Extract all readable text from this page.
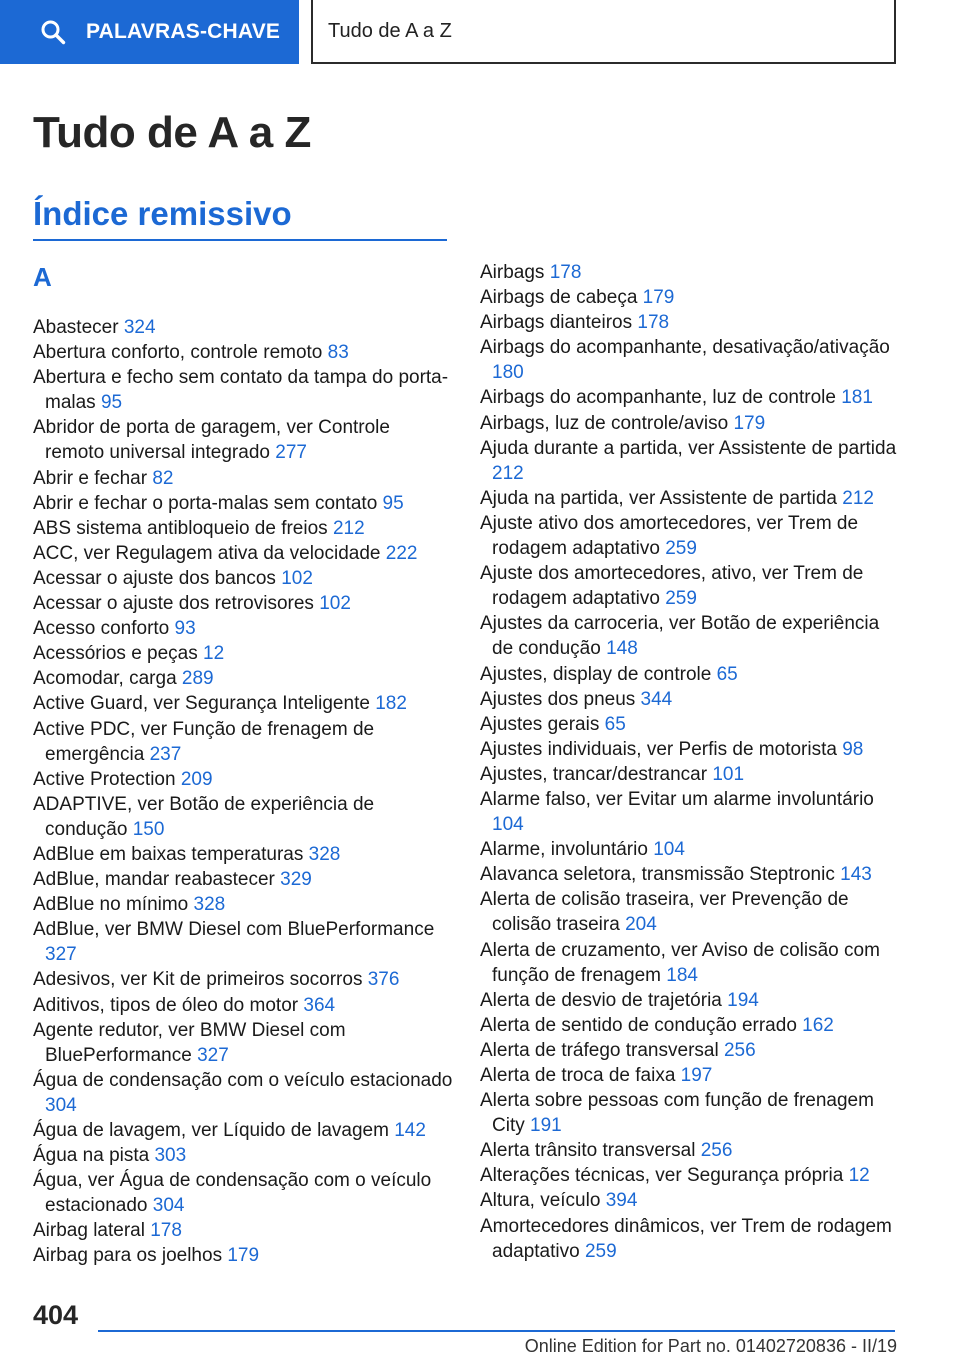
PALAVRAS-CHAVE Tudo de A a Z
Tudo de A a Z
Índice remissivo
A
Abastecer 324
Abertura conforto, controle remoto 83
Abertura e fecho sem contato da tampa do porta-malas 95
Abridor de porta de garagem, ver Controle remoto universal integrado 277
Abrir e fechar 82
Abrir e fechar o porta-malas sem contato 95
ABS sistema antibloqueio de freios 212
ACC, ver Regulagem ativa da velocidade 222
Acessar o ajuste dos bancos 102
Acessar o ajuste dos retrovisores 102
Acesso conforto 93
Acessórios e peças 12
Acomodar, carga 289
Active Guard, ver Segurança Inteligente 182
Active PDC, ver Função de frenagem de emergência 237
Active Protection 209
ADAPTIVE, ver Botão de experiência de condução 150
AdBlue em baixas temperaturas 328
AdBlue, mandar reabastecer 329
AdBlue no mínimo 328
AdBlue, ver BMW Diesel com BluePerformance 327
Adesivos, ver Kit de primeiros socorros 376
Aditivos, tipos de óleo do motor 364
Agente redutor, ver BMW Diesel com BluePerformance 327
Água de condensação com o veículo estacionado 304
Água de lavagem, ver Líquido de lavagem 142
Água na pista 303
Água, ver Água de condensação com o veículo estacionado 304
Airbag lateral 178
Airbag para os joelhos 179
Airbags 178
Airbags de cabeça 179
Airbags dianteiros 178
Airbags do acompanhante, desativação/ativação 180
Airbags do acompanhante, luz de controle 181
Airbags, luz de controle/aviso 179
Ajuda durante a partida, ver Assistente de partida 212
Ajuda na partida, ver Assistente de partida 212
Ajuste ativo dos amortecedores, ver Trem de rodagem adaptativo 259
Ajuste dos amortecedores, ativo, ver Trem de rodagem adaptativo 259
Ajustes da carroceria, ver Botão de experiência de condução 148
Ajustes, display de controle 65
Ajustes dos pneus 344
Ajustes gerais 65
Ajustes individuais, ver Perfis de motorista 98
Ajustes, trancar/destrancar 101
Alarme falso, ver Evitar um alarme involuntário 104
Alarme, involuntário 104
Alavanca seletora, transmissão Steptronic 143
Alerta de colisão traseira, ver Prevenção de colisão traseira 204
Alerta de cruzamento, ver Aviso de colisão com função de frenagem 184
Alerta de desvio de trajetória 194
Alerta de sentido de condução errado 162
Alerta de tráfego transversal 256
Alerta de troca de faixa 197
Alerta sobre pessoas com função de frenagem City 191
Alerta trânsito transversal 256
Alterações técnicas, ver Segurança própria 12
Altura, veículo 394
Amortecedores dinâmicos, ver Trem de rodagem adaptativo 259
404
Online Edition for Part no. 01402720836 - II/19
